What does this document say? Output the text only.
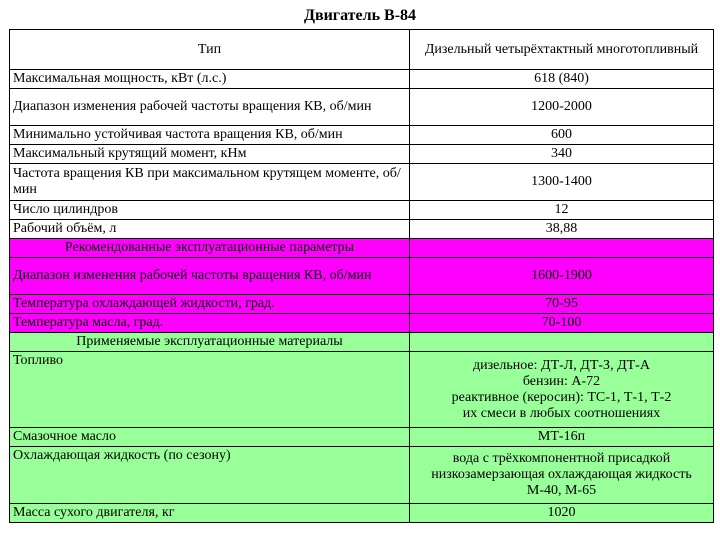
Двигатель В-84
Тип	Дизельный четырёхтактный многотопливный
Максимальная мощность, кВт (л.с.)	618 (840)
Диапазон изменения рабочей частоты вращения КВ, об/мин	1200-2000
Минимально устойчивая частота вращения КВ, об/мин	600
Максимальный крутящий момент, кНм	340
Частота вращения КВ при максимальном крутящем моменте, об/мин	1300-1400
Число цилиндров	12
Рабочий объём, л	38,88
Рекомендованные эксплуатационные параметры	
Диапазон изменения рабочей частоты вращения КВ, об/мин	1600-1900
Температура охлаждающей жидкости, град.	70-95
Температура масла, град.	70-100
Применяемые эксплуатационные материалы	
Топливо	дизельное: ДТ-Л, ДТ-З, ДТ-А
бензин: А-72
реактивное (керосин): ТС-1, Т-1, Т-2
их смеси в любых соотношениях

Смазочное масло	МТ-16п
Охлаждающая жидкость (по сезону)	вода с трёхкомпонентной присадкой
низкозамерзающая охлаждающая жидкость
М-40, М-65

Масса сухого двигателя, кг	1020
